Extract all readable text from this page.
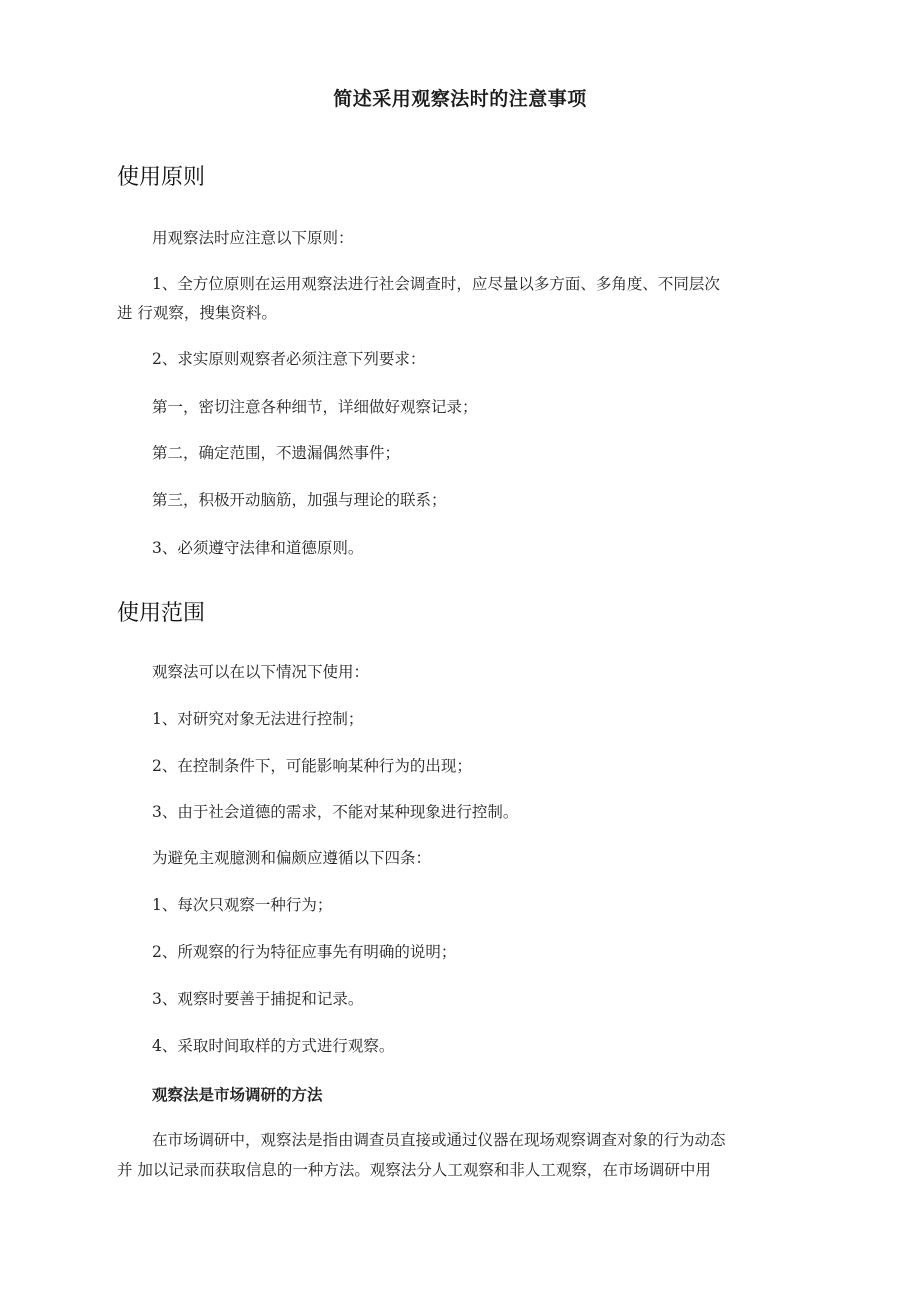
简述采用观察法时的注意事项
使用原则
用观察法时应注意以下原则：
1、全方位原则在运用观察法进行社会调查时，应尽量以多方面、多角度、不同层次
进 行观察，搜集资料。
2、求实原则观察者必须注意下列要求：
第一，密切注意各种细节，详细做好观察记录；
第二，确定范围，不遗漏偶然事件；
第三，积极开动脑筋，加强与理论的联系；
3、必须遵守法律和道德原则。
使用范围
观察法可以在以下情况下使用：
1、对研究对象无法进行控制；
2、在控制条件下，可能影响某种行为的出现；
3、由于社会道德的需求，不能对某种现象进行控制。
为避免主观臆测和偏颇应遵循以下四条：
1、每次只观察一种行为；
2、所观察的行为特征应事先有明确的说明；
3、观察时要善于捕捉和记录。
4、采取时间取样的方式进行观察。
观察法是市场调研的方法
在市场调研中，观察法是指由调查员直接或通过仪器在现场观察调查对象的行为动态
并 加以记录而获取信息的一种方法。观察法分人工观察和非人工观察，在市场调研中用
